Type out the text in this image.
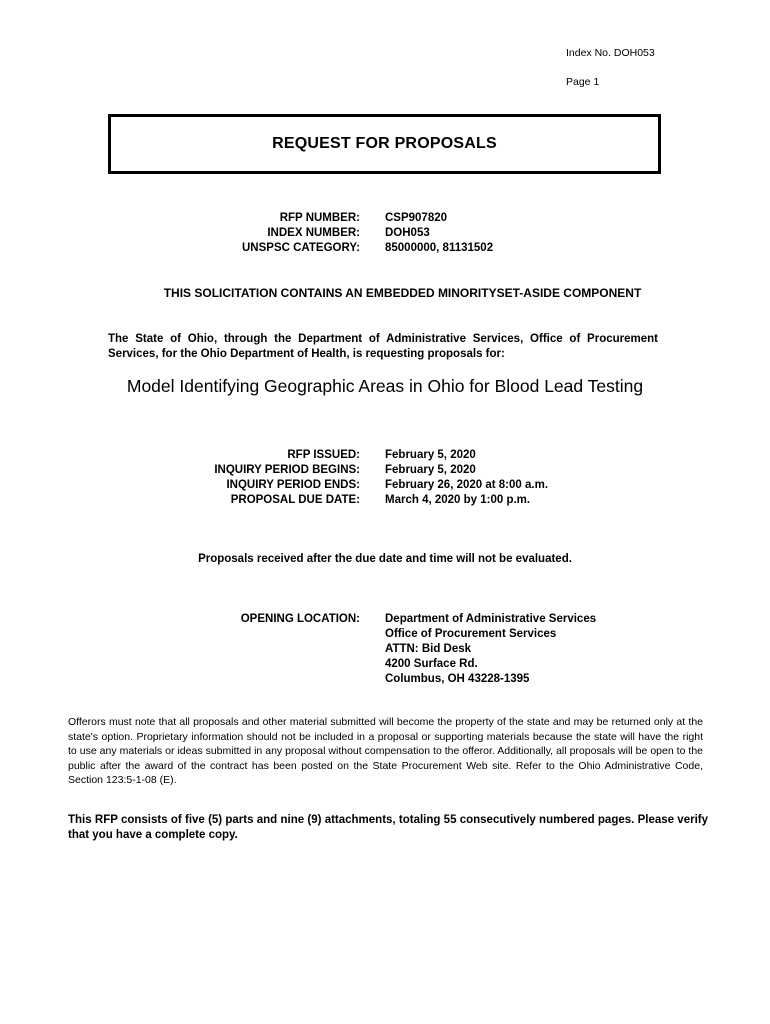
Index No. DOH053
Page 1
REQUEST FOR PROPOSALS
RFP NUMBER: CSP907820
INDEX NUMBER: DOH053
UNSPSC CATEGORY: 85000000, 81131502
THIS SOLICITATION CONTAINS AN EMBEDDED MINORITYSET-ASIDE COMPONENT
The State of Ohio, through the Department of Administrative Services, Office of Procurement Services, for the Ohio Department of Health, is requesting proposals for:
Model Identifying Geographic Areas in Ohio for Blood Lead Testing
RFP ISSUED: February 5, 2020
INQUIRY PERIOD BEGINS: February 5, 2020
INQUIRY PERIOD ENDS: February 26, 2020 at 8:00 a.m.
PROPOSAL DUE DATE: March 4, 2020 by 1:00 p.m.
Proposals received after the due date and time will not be evaluated.
OPENING LOCATION: Department of Administrative Services
Office of Procurement Services
ATTN: Bid Desk
4200 Surface Rd.
Columbus, OH 43228-1395
Offerors must note that all proposals and other material submitted will become the property of the state and may be returned only at the state's option. Proprietary information should not be included in a proposal or supporting materials because the state will have the right to use any materials or ideas submitted in any proposal without compensation to the offeror. Additionally, all proposals will be open to the public after the award of the contract has been posted on the State Procurement Web site. Refer to the Ohio Administrative Code, Section 123:5-1-08 (E).
This RFP consists of five (5) parts and nine (9) attachments, totaling 55 consecutively numbered pages. Please verify that you have a complete copy.
